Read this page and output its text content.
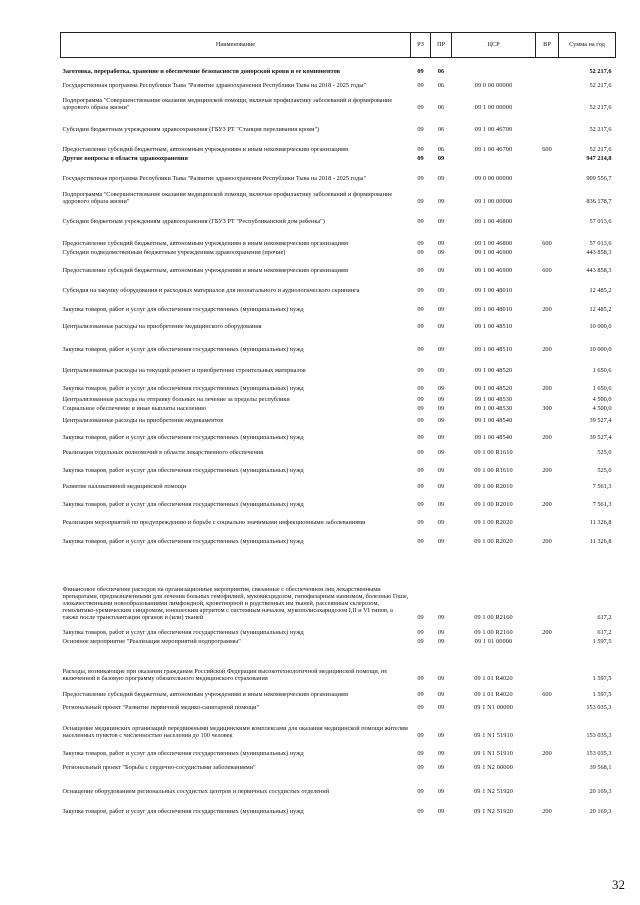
Наименование	РЗ	ПР	ЦСР	ВР	Сумма на год
Заготовка, переработка, хранение и обеспечение безопасности донорской крови и ее компонентов	09	06			52 217,6
Государственная программа Республики Тыва "Развитие здравоохранения Республики Тыва на 2018 - 2025 годы"	09	06	09 0 00 00000		52 217,6
Подпрограмма "Совершенствование оказания медицинской помощи, включая профилактику заболеваний и формирование здорового образа жизни"	09	06	09 1 00 00000		52 217,6
Субсидии бюджетным учреждениям здравоохранения (ГБУЗ РТ "Станция переливания крови")	09	06	09 1 00 46700		52 217,6
Предоставление субсидий бюджетным, автономным учреждениям и иным некоммерческим организациям	09	06	09 1 00 46700	600	52 217,6
Другие вопросы в области здравоохранения	09	09			947 214,8
Государственная программа Республики Тыва "Развитие здравоохранения Республики Тыва на 2018 - 2025 годы"	09	09	09 0 00 00000		909 556,7
Подпрограмма "Совершенствование оказания медицинской помощи, включая профилактику заболеваний и формирование здорового образа жизни"	09	09	09 1 00 00000		836 178,7
Субсидии бюджетным учреждениям здравоохранения (ГБУЗ РТ "Республиканский дом ребенка")	09	09	09 1 00 46800		57 013,6
Предоставление субсидий бюджетным, автономным учреждениям и иным некоммерческим организациям	09	09	09 1 00 46800	600	57 013,6
Субсидии подведомственным бюджетным учреждениям здравоохранения (прочие)	09	09	09 1 00 46900		443 858,3
Предоставление субсидий бюджетным, автономным учреждениям и иным некоммерческим организациям	09	09	09 1 00 46900	600	443 858,3
Субсидия на закупку оборудования и расходных материалов для неонатального и аудиологического скрининга	09	09	09 1 00 48010		12 485,2
Закупка товаров, работ и услуг для обеспечения государственных (муниципальных) нужд	09	09	09 1 00 48010	200	12 485,2
Централизованные расходы на приобретение медицинского оборудования	09	09	09 1 00 48510		10 000,0
Закупка товаров, работ и услуг для обеспечения государственных (муниципальных) нужд	09	09	09 1 00 48510	200	10 000,0
Централизованные расходы на текущий ремонт и приобретение строительных материалов	09	09	09 1 00 48520		1 650,6
Закупка товаров, работ и услуг для обеспечения государственных (муниципальных) нужд	09	09	09 1 00 48520	200	1 650,6
Централизованные расходы на отправку больных на лечение за пределы республики	09	09	09 1 00 48530		4 500,0
Социальное обеспечение и иные выплаты населению	09	09	09 1 00 48530	300	4 500,0
Централизованные расходы на приобретение медикаментов	09	09	09 1 00 48540		39 527,4
Закупка товаров, работ и услуг для обеспечения государственных (муниципальных) нужд	09	09	09 1 00 48540	200	39 527,4
Реализация отдельных полномочий в области лекарственного обеспечения	09	09	09 1 00 R1610		525,0
Закупка товаров, работ и услуг для обеспечения государственных (муниципальных) нужд	09	09	09 1 00 R1610	200	525,0
Развитие паллиативной медицинской помощи	09	09	09 1 00 R2010		7 561,3
Закупка товаров, работ и услуг для обеспечения государственных (муниципальных) нужд	09	09	09 1 00 R2010	200	7 561,3
Реализация мероприятий по предупреждению и борьбе с социально значимыми инфекционными заболеваниями	09	09	09 1 00 R2020		11 326,8
Закупка товаров, работ и услуг для обеспечения государственных (муниципальных) нужд	09	09	09 1 00 R2020	200	11 326,8
Финансовое обеспечение расходов на организационные мероприятия, связанные с обеспечением лиц лекарственными препаратами, предназначенными для лечения больных гемофилией, муковисцидозом, гипофизарным нанизмом, болезнью Гоше, злокачественными новообразованиями лимфоидной, кроветворной и родственных им тканей, рассеянным склерозом, гемолитико-уремическим синдромом, юношеским артритом с системным началом, мукополисахаридозом I,II и VI типов, а также после трансплантации органов и (или) тканей	09	09	09 1 00 R2160		617,2
Закупка товаров, работ и услуг для обеспечения государственных (муниципальных) нужд	09	09	09 1 00 R2160	200	617,2
Основное мероприятие "Реализация мероприятий подпрограммы"	09	09	09 1 01 00000		1 597,5
Расходы, возникающие при оказании гражданам Российской Федерации высокотехнологичной медицинской помощи, не включенной в базовую программу обязательного медицинского страхования	09	09	09 1 01 R4020		1 597,5
Предоставление субсидий бюджетным, автономным учреждениям и иным некоммерческим организациям	09	09	09 1 01 R4020	600	1 597,5
Региональный проект "Развитие первичной медико-санитарной помощи"	09	09	09 1 N1 00000		153 035,3
Оснащение медицинских организаций передвижными медицинскими комплексами для оказания медицинской помощи жителям населенных пунктов с численностью населения до 100 человек	09	09	09 1 N1 51910		153 035,3
Закупка товаров, работ и услуг для обеспечения государственных (муниципальных) нужд	09	09	09 1 N1 51910	200	153 035,3
Региональный проект "Борьба с сердечно-сосудистыми заболеваниями"	09	09	09 1 N2 00000		39 568,1
Оснащение оборудованием региональных сосудистых центров и первичных сосудистых отделений	09	09	09 1 N2 51920		20 169,3
Закупка товаров, работ и услуг для обеспечения государственных (муниципальных) нужд	09	09	09 1 N2 51920	200	20 169,3
32
